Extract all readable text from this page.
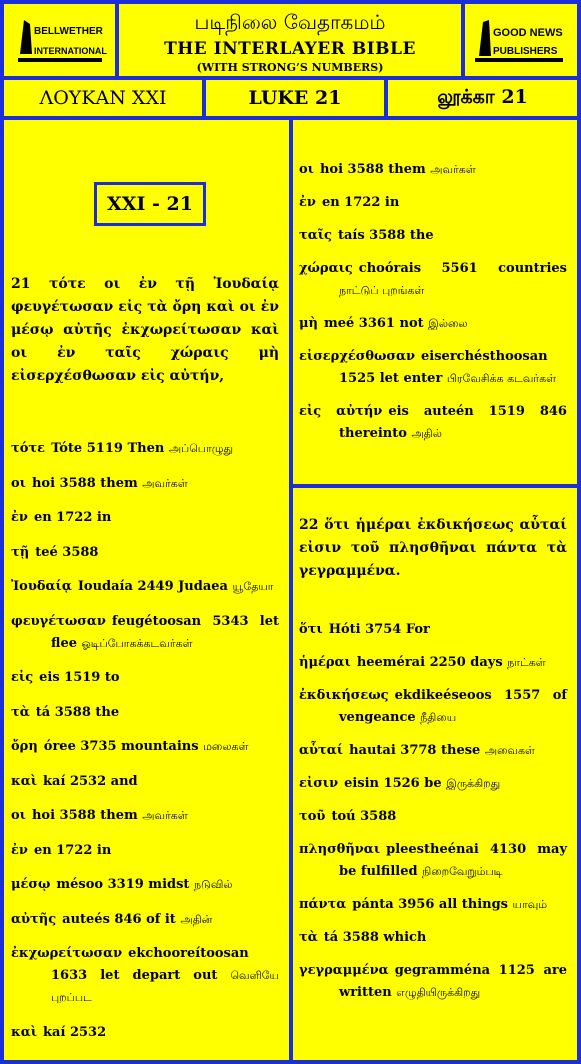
BELLWETHER
INTERNATIONAL
படிநிலை வேதாகமம்
THE INTERLAYER BIBLE
(WITH STRONG’S NUMBERS)
GOOD NEWS
PUBLISHERS
ΛΟΥΚΑΝ XXI	LUKE 21	லூக்கா 21
XXI - 21
21 τότε οι ἐν τῇ Ἰουδαίᾳ φευγέτωσαν εἰς τὰ ὄρη καὶ οι ἐν μέσῳ αὐτῆς ἐκχωρείτωσαν καὶ οι ἐν ταῖς χώραις μὴ εἰσερχέσθωσαν εἰς αὐτήν,
τότε Tóte 5119 Then அப்பொழுது
οι hoi 3588 them அவர்கள்
ἐν en 1722 in
τῇ teé 3588
Ἰουδαίᾳ Ioudaía 2449 Judaea யூதேயா
φευγέτωσαν feugétoosan 5343 let flee ஓடிப்போகக்கடவர்கள்
εἰς eis 1519 to
τὰ tá 3588 the
ὄρη óree 3735 mountains மலைகள்
καὶ kaí 2532 and
οι hoi 3588 them அவர்கள்
ἐν en 1722 in
μέσῳ mésoo 3319 midst நடுவில்
αὐτῆς auteés 846 of it அதின்
ἐκχωρείτωσαν ekchooreítoosan 1633 let depart out வெளியே புறப்பட
καὶ kaí 2532
οι hoi 3588 them அவர்கள்
ἐν en 1722 in
ταῖς taís 3588 the
χώραις choórais 5561 countries நாட்டுப் புறங்கள்
μὴ meé 3361 not இல்லை
εἰσερχέσθωσαν eiserchésthoosan 1525 let enter பிரவேசிக்க கடவர்கள்
εἰς αὐτήν eis auteén 1519 846 thereinto அதில்
22 ὅτι ἡμέραι ἐκδικήσεως αὗταί εἰσιν τοῦ πλησθῆναι πάντα τὰ γεγραμμένα.
ὅτι Hóti 3754 For
ἡμέραι heemérai 2250 days நாட்கள்
ἐκδικήσεως ekdikeéseoos 1557 of vengeance நீதியை
αὗταί hautai 3778 these அவைகள்
εἰσιν eisin 1526 be இருக்கிறது
τοῦ toú 3588
πλησθῆναι pleestheénai 4130 may be fulfilled நிறைவேறும்படி
πάντα pánta 3956 all things யாவும்
τὰ tá 3588 which
γεγραμμένα gegramména 1125 are written எழுதியிருக்கிறது
